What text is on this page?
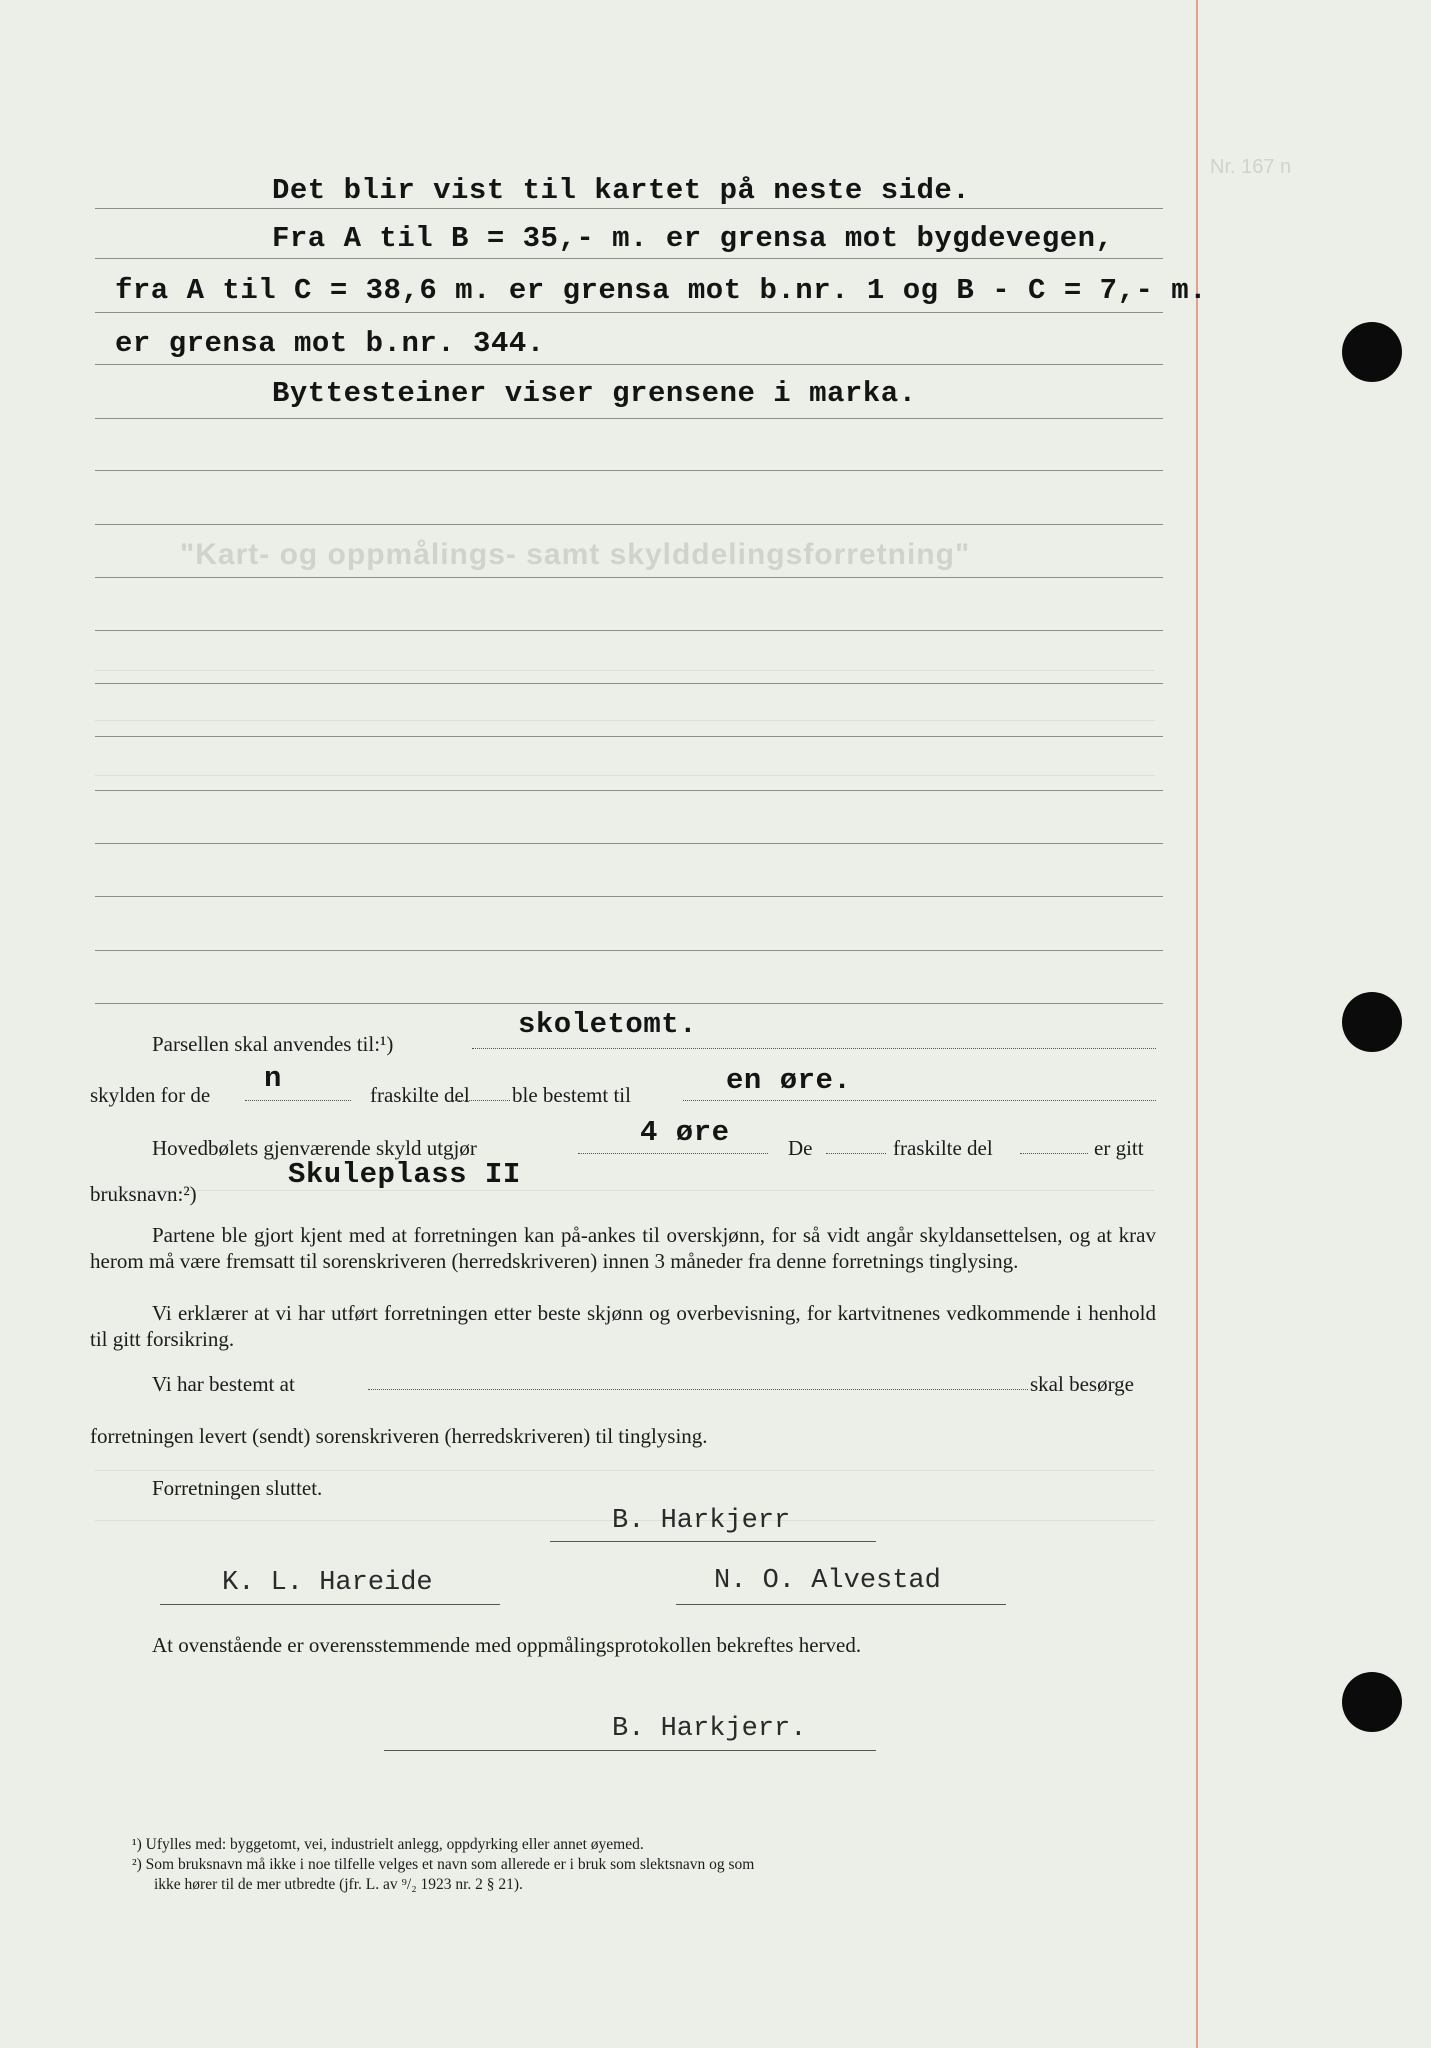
Nr. 167 n
"Kart- og oppmålings- samt skylddelingsforretning"
Det blir vist til kartet på neste side.
Fra A til B = 35,- m. er grensa mot bygdevegen,
fra A til C = 38,6 m. er grensa mot b.nr. 1 og B - C = 7,- m.
er grensa mot b.nr. 344.
Byttesteiner viser grensene i marka.
Parsellen skal anvendes til:¹)
skoletomt.
skylden for de n	fraskilte del ble bestemt til	en øre.
Hovedbølets gjenværende skyld utgjør	4 øre	De	fraskilte del	er gitt
bruksnavn:²)
Skuleplass II
Partene ble gjort kjent med at forretningen kan på-ankes til overskjønn, for så vidt angår skyldansettelsen, og at krav herom må være fremsatt til sorenskriveren (herredskriveren) innen 3 måneder fra denne forretnings tinglysing.
Vi erklærer at vi har utført forretningen etter beste skjønn og overbevisning, for kartvitnenes vedkommende i henhold til gitt forsikring.
Vi har bestemt at	skal besørge
forretningen levert (sendt) sorenskriveren (herredskriveren) til tinglysing.
Forretningen sluttet.
B. Harkjerr
K. L. Hareide	N. O. Alvestad
At ovenstående er overensstemmende med oppmålingsprotokollen bekreftes herved.
B. Harkjerr.
¹) Ufylles med: byggetomt, vei, industrielt anlegg, oppdyrking eller annet øyemed.
²) Som bruksnavn må ikke i noe tilfelle velges et navn som allerede er i bruk som slektsnavn og som
ikke hører til de mer utbredte (jfr. L. av ⁹/₂ 1923 nr. 2 § 21).
